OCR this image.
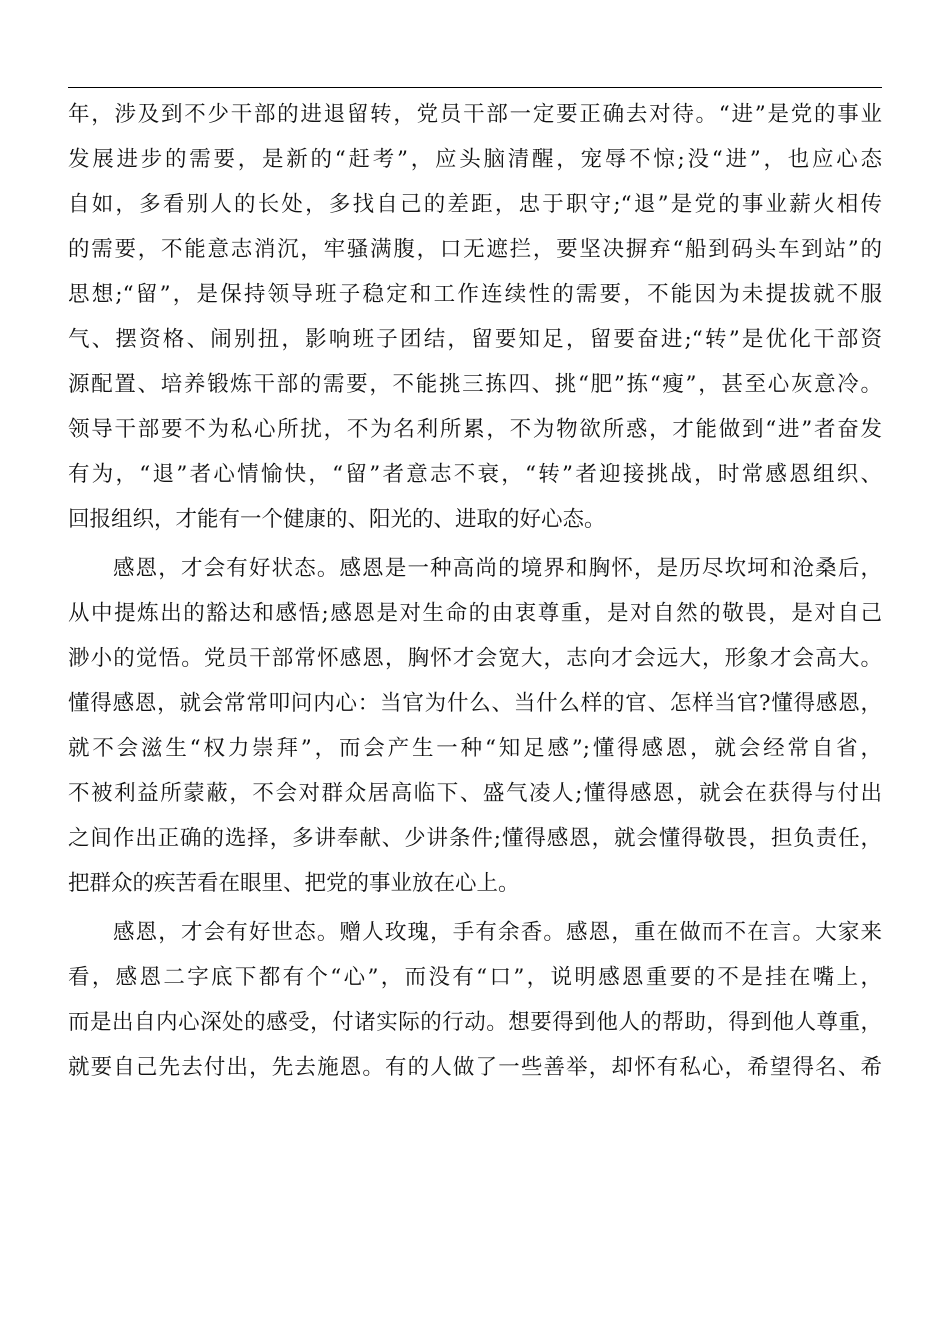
年，涉及到不少干部的进退留转，党员干部一定要正确去对待。“进”是党的事业
发展进步的需要，是新的“赶考”，应头脑清醒，宠辱不惊;没“进”，也应心态
自如，多看别人的长处，多找自己的差距，忠于职守;“退”是党的事业薪火相传
的需要，不能意志消沉，牢骚满腹，口无遮拦，要坚决摒弃“船到码头车到站”的
思想;“留”，是保持领导班子稳定和工作连续性的需要，不能因为未提拔就不服
气、摆资格、闹别扭，影响班子团结，留要知足，留要奋进;“转”是优化干部资
源配置、培养锻炼干部的需要，不能挑三拣四、挑“肥”拣“瘦”，甚至心灰意冷。
领导干部要不为私心所扰，不为名利所累，不为物欲所惑，才能做到“进”者奋发
有为，“退”者心情愉快，“留”者意志不衰，“转”者迎接挑战，时常感恩组织、
回报组织，才能有一个健康的、阳光的、进取的好心态。
感恩，才会有好状态。感恩是一种高尚的境界和胸怀，是历尽坎坷和沧桑后，
从中提炼出的豁达和感悟;感恩是对生命的由衷尊重，是对自然的敬畏，是对自己
渺小的觉悟。党员干部常怀感恩，胸怀才会宽大，志向才会远大，形象才会高大。
懂得感恩，就会常常叩问内心：当官为什么、当什么样的官、怎样当官?懂得感恩，
就不会滋生“权力崇拜”，而会产生一种“知足感”;懂得感恩，就会经常自省，
不被利益所蒙蔽，不会对群众居高临下、盛气凌人;懂得感恩，就会在获得与付出
之间作出正确的选择，多讲奉献、少讲条件;懂得感恩，就会懂得敬畏，担负责任，
把群众的疾苦看在眼里、把党的事业放在心上。
感恩，才会有好世态。赠人玫瑰，手有余香。感恩，重在做而不在言。大家来
看，感恩二字底下都有个“心”，而没有“口”，说明感恩重要的不是挂在嘴上，
而是出自内心深处的感受，付诸实际的行动。想要得到他人的帮助，得到他人尊重，
就要自己先去付出，先去施恩。有的人做了一些善举，却怀有私心，希望得名、希
